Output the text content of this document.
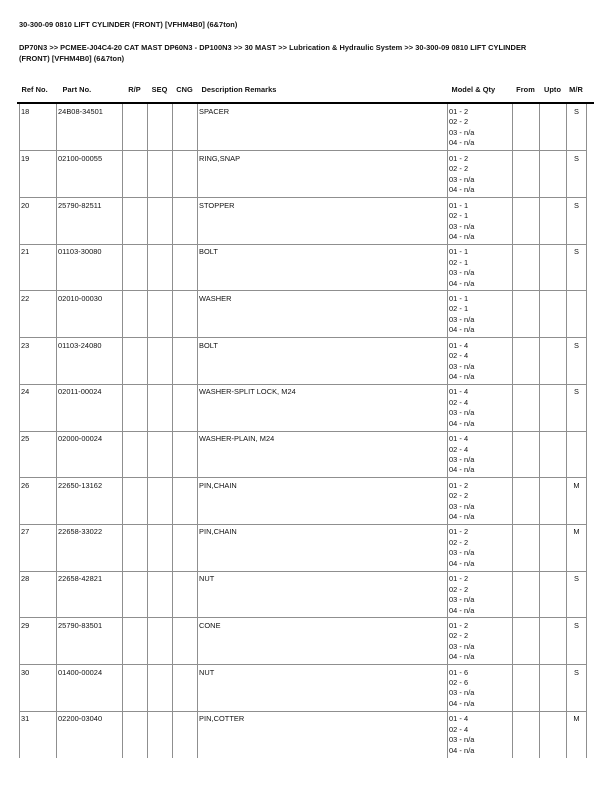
30-300-09 0810 LIFT CYLINDER (FRONT) [VFHM4B0] (6&7ton)
DP70N3 >> PCMEE-J04C4-20 CAT MAST DP60N3 - DP100N3 >> 30 MAST >> Lubrication & Hydraulic System >> 30-300-09 0810 LIFT CYLINDER (FRONT) [VFHM4B0] (6&7ton)
Ref No.	Part No.	R/P	SEQ	CNG	Description Remarks	Model & Qty	From	Upto	M/R
18	24B08-34501				SPACER	01 - 2
02 - 2
03 - n/a
04 - n/a			S
19	02100-00055				RING,SNAP	01 - 2
02 - 2
03 - n/a
04 - n/a			S
20	25790-82511				STOPPER	01 - 1
02 - 1
03 - n/a
04 - n/a			S
21	01103-30080				BOLT	01 - 1
02 - 1
03 - n/a
04 - n/a			S
22	02010-00030				WASHER	01 - 1
02 - 1
03 - n/a
04 - n/a			

23	01103-24080				BOLT	01 - 4
02 - 4
03 - n/a
04 - n/a			S
24	02011-00024				WASHER-SPLIT LOCK, M24	01 - 4
02 - 4
03 - n/a
04 - n/a			S
25	02000-00024				WASHER-PLAIN, M24	01 - 4
02 - 4
03 - n/a
04 - n/a			

26	22650-13162				PIN,CHAIN	01 - 2
02 - 2
03 - n/a
04 - n/a			M
27	22658-33022				PIN,CHAIN	01 - 2
02 - 2
03 - n/a
04 - n/a			M
28	22658-42821				NUT	01 - 2
02 - 2
03 - n/a
04 - n/a			S
29	25790-83501				CONE	01 - 2
02 - 2
03 - n/a
04 - n/a			S
30	01400-00024				NUT	01 - 6
02 - 6
03 - n/a
04 - n/a			S
31	02200-03040				PIN,COTTER	01 - 4
02 - 4
03 - n/a
04 - n/a			M
